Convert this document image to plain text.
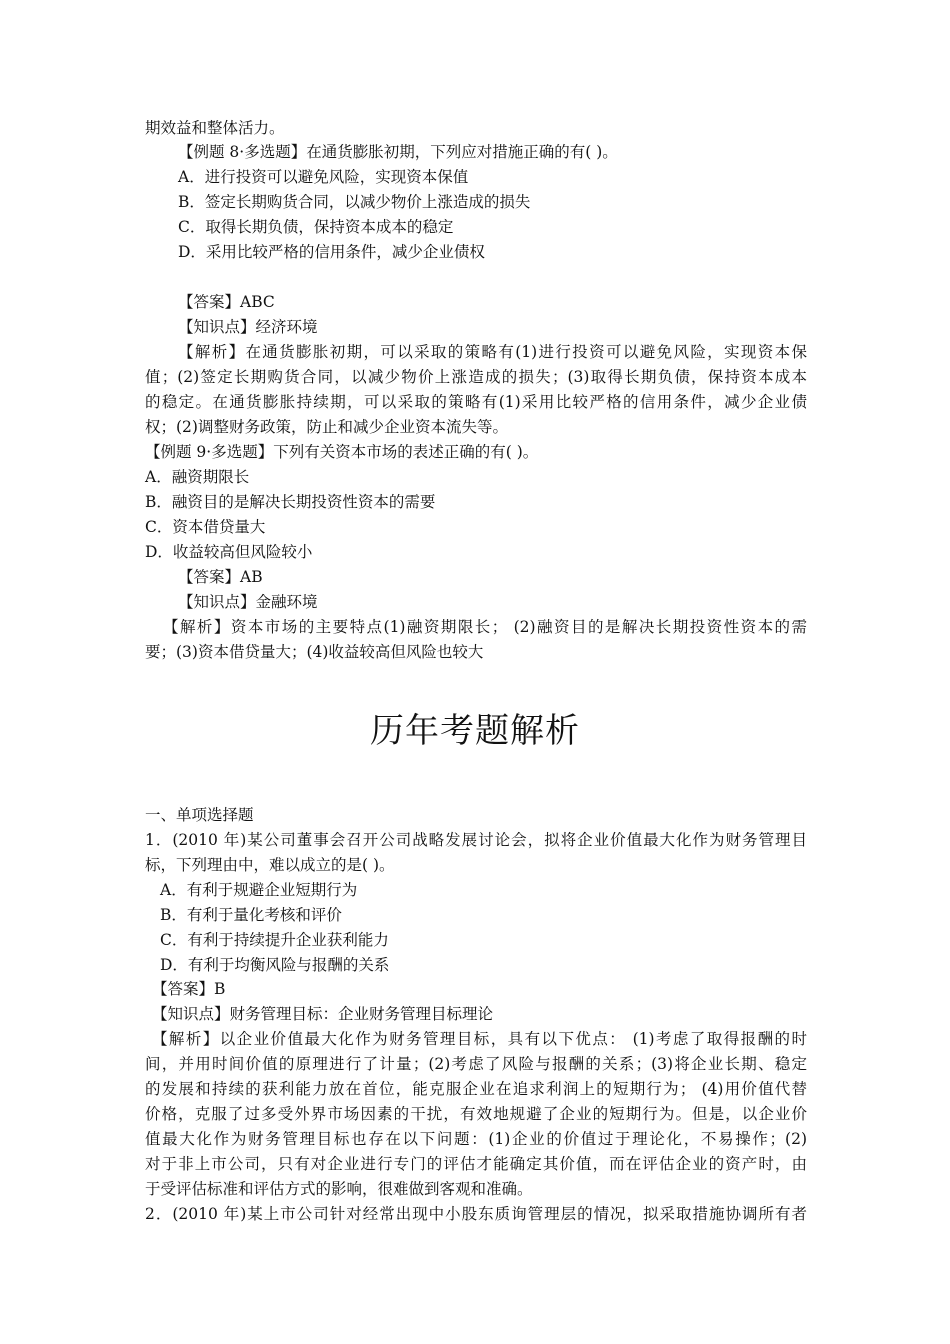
期效益和整体活力。
【例题 8·多选题】在通货膨胀初期，下列应对措施正确的有( )。
A．进行投资可以避免风险，实现资本保值
B．签定长期购货合同，以减少物价上涨造成的损失
C．取得长期负债，保持资本成本的稳定
D．采用比较严格的信用条件，减少企业债权
【答案】ABC
【知识点】经济环境
【解析】在通货膨胀初期，可以采取的策略有(1)进行投资可以避免风险，实现资本保
值；(2)签定长期购货合同，以减少物价上涨造成的损失；(3)取得长期负债，保持资本成本
的稳定。在通货膨胀持续期，可以采取的策略有(1)采用比较严格的信用条件，减少企业债
权；(2)调整财务政策，防止和减少企业资本流失等。
【例题 9·多选题】下列有关资本市场的表述正确的有( )。
A．融资期限长
B．融资目的是解决长期投资性资本的需要
C．资本借贷量大
D．收益较高但风险较小
【答案】AB
【知识点】金融环境
【解析】资本市场的主要特点(1)融资期限长； (2)融资目的是解决长期投资性资本的需
要；(3)资本借贷量大；(4)收益较高但风险也较大
历年考题解析
一、单项选择题
1．(2010 年)某公司董事会召开公司战略发展讨论会，拟将企业价值最大化作为财务管理目
标，下列理由中，难以成立的是( )。
A．有利于规避企业短期行为
B．有利于量化考核和评价
C．有利于持续提升企业获利能力
D．有利于均衡风险与报酬的关系
【答案】B
【知识点】财务管理目标：企业财务管理目标理论
【解析】以企业价值最大化作为财务管理目标，具有以下优点： (1)考虑了取得报酬的时
间，并用时间价值的原理进行了计量；(2)考虑了风险与报酬的关系；(3)将企业长期、稳定
的发展和持续的获利能力放在首位，能克服企业在追求利润上的短期行为； (4)用价值代替
价格，克服了过多受外界市场因素的干扰，有效地规避了企业的短期行为。但是，以企业价
值最大化作为财务管理目标也存在以下问题：(1)企业的价值过于理论化，不易操作；(2)
对于非上市公司，只有对企业进行专门的评估才能确定其价值，而在评估企业的资产时，由
于受评估标准和评估方式的影响，很难做到客观和准确。
2．(2010 年)某上市公司针对经常出现中小股东质询管理层的情况，拟采取措施协调所有者
